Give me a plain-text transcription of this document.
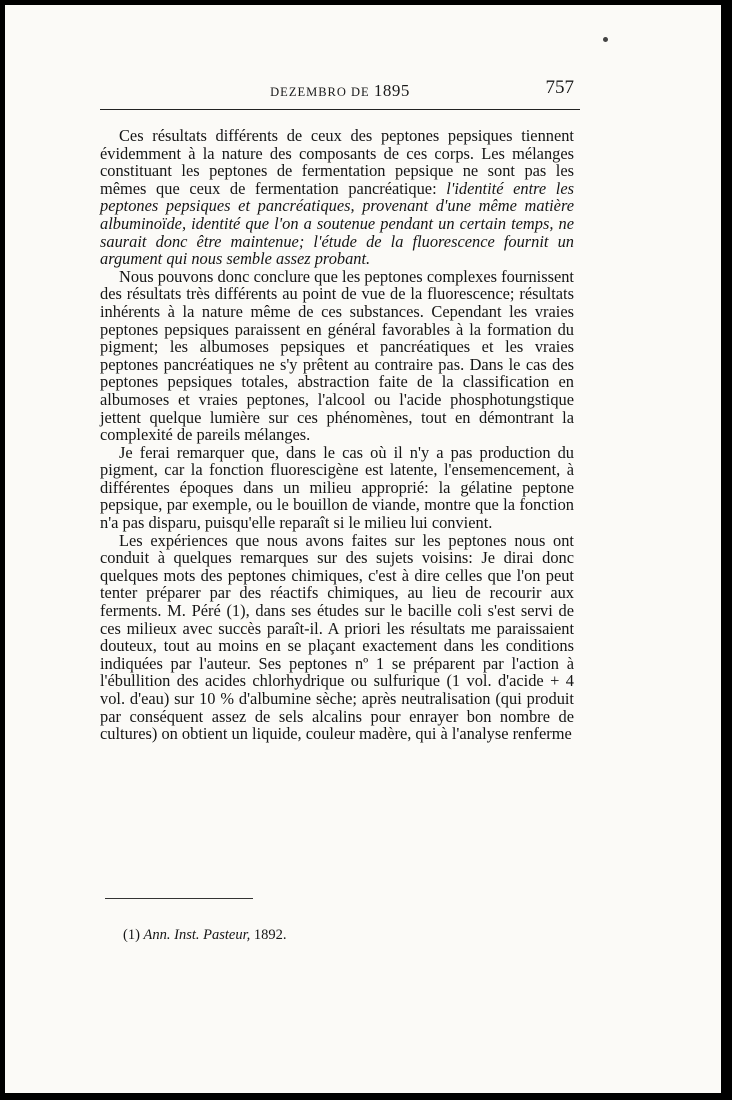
DEZEMBRO DE 1895	757

Ces résultats différents de ceux des peptones pepsiques tiennent évidemment à la nature des composants de ces corps. Les mélanges constituant les peptones de fermentation pepsique ne sont pas les mêmes que ceux de fermentation pancréatique: l'identité entre les peptones pepsiques et pancréatiques, provenant d'une même matière albuminoïde, identité que l'on a soutenue pendant un certain temps, ne saurait donc être maintenue; l'étude de la fluorescence fournit un argument qui nous semble assez probant.

Nous pouvons donc conclure que les peptones complexes fournissent des résultats très différents au point de vue de la fluorescence; résultats inhérents à la nature même de ces substances. Cependant les vraies peptones pepsiques paraissent en général favorables à la formation du pigment; les albumoses pepsiques et pancréatiques et les vraies peptones pancréatiques ne s'y prêtent au contraire pas. Dans le cas des peptones pepsiques totales, abstraction faite de la classification en albumoses et vraies peptones, l'alcool ou l'acide phosphotungstique jettent quelque lumière sur ces phénomènes, tout en démontrant la complexité de pareils mélanges.

Je ferai remarquer que, dans le cas où il n'y a pas production du pigment, car la fonction fluorescigène est latente, l'ensemencement, à différentes époques dans un milieu approprié: la gélatine peptone pepsique, par exemple, ou le bouillon de viande, montre que la fonction n'a pas disparu, puisqu'elle reparaît si le milieu lui convient.

Les expériences que nous avons faites sur les peptones nous ont conduit à quelques remarques sur des sujets voisins: Je dirai donc quelques mots des peptones chimiques, c'est à dire celles que l'on peut tenter préparer par des réactifs chimiques, au lieu de recourir aux ferments. M. Péré (1), dans ses études sur le bacille coli s'est servi de ces milieux avec succès paraît-il. A priori les résultats me paraissaient douteux, tout au moins en se plaçant exactement dans les conditions indiquées par l'auteur. Ses peptones nº 1 se préparent par l'action à l'ébullition des acides chlorhydrique ou sulfurique (1 vol. d'acide + 4 vol. d'eau) sur 10 % d'albumine sèche; après neutralisation (qui produit par conséquent assez de sels alcalins pour enrayer bon nombre de cultures) on obtient un liquide, couleur madère, qui à l'analyse renferme

(1) Ann. Inst. Pasteur, 1892.
